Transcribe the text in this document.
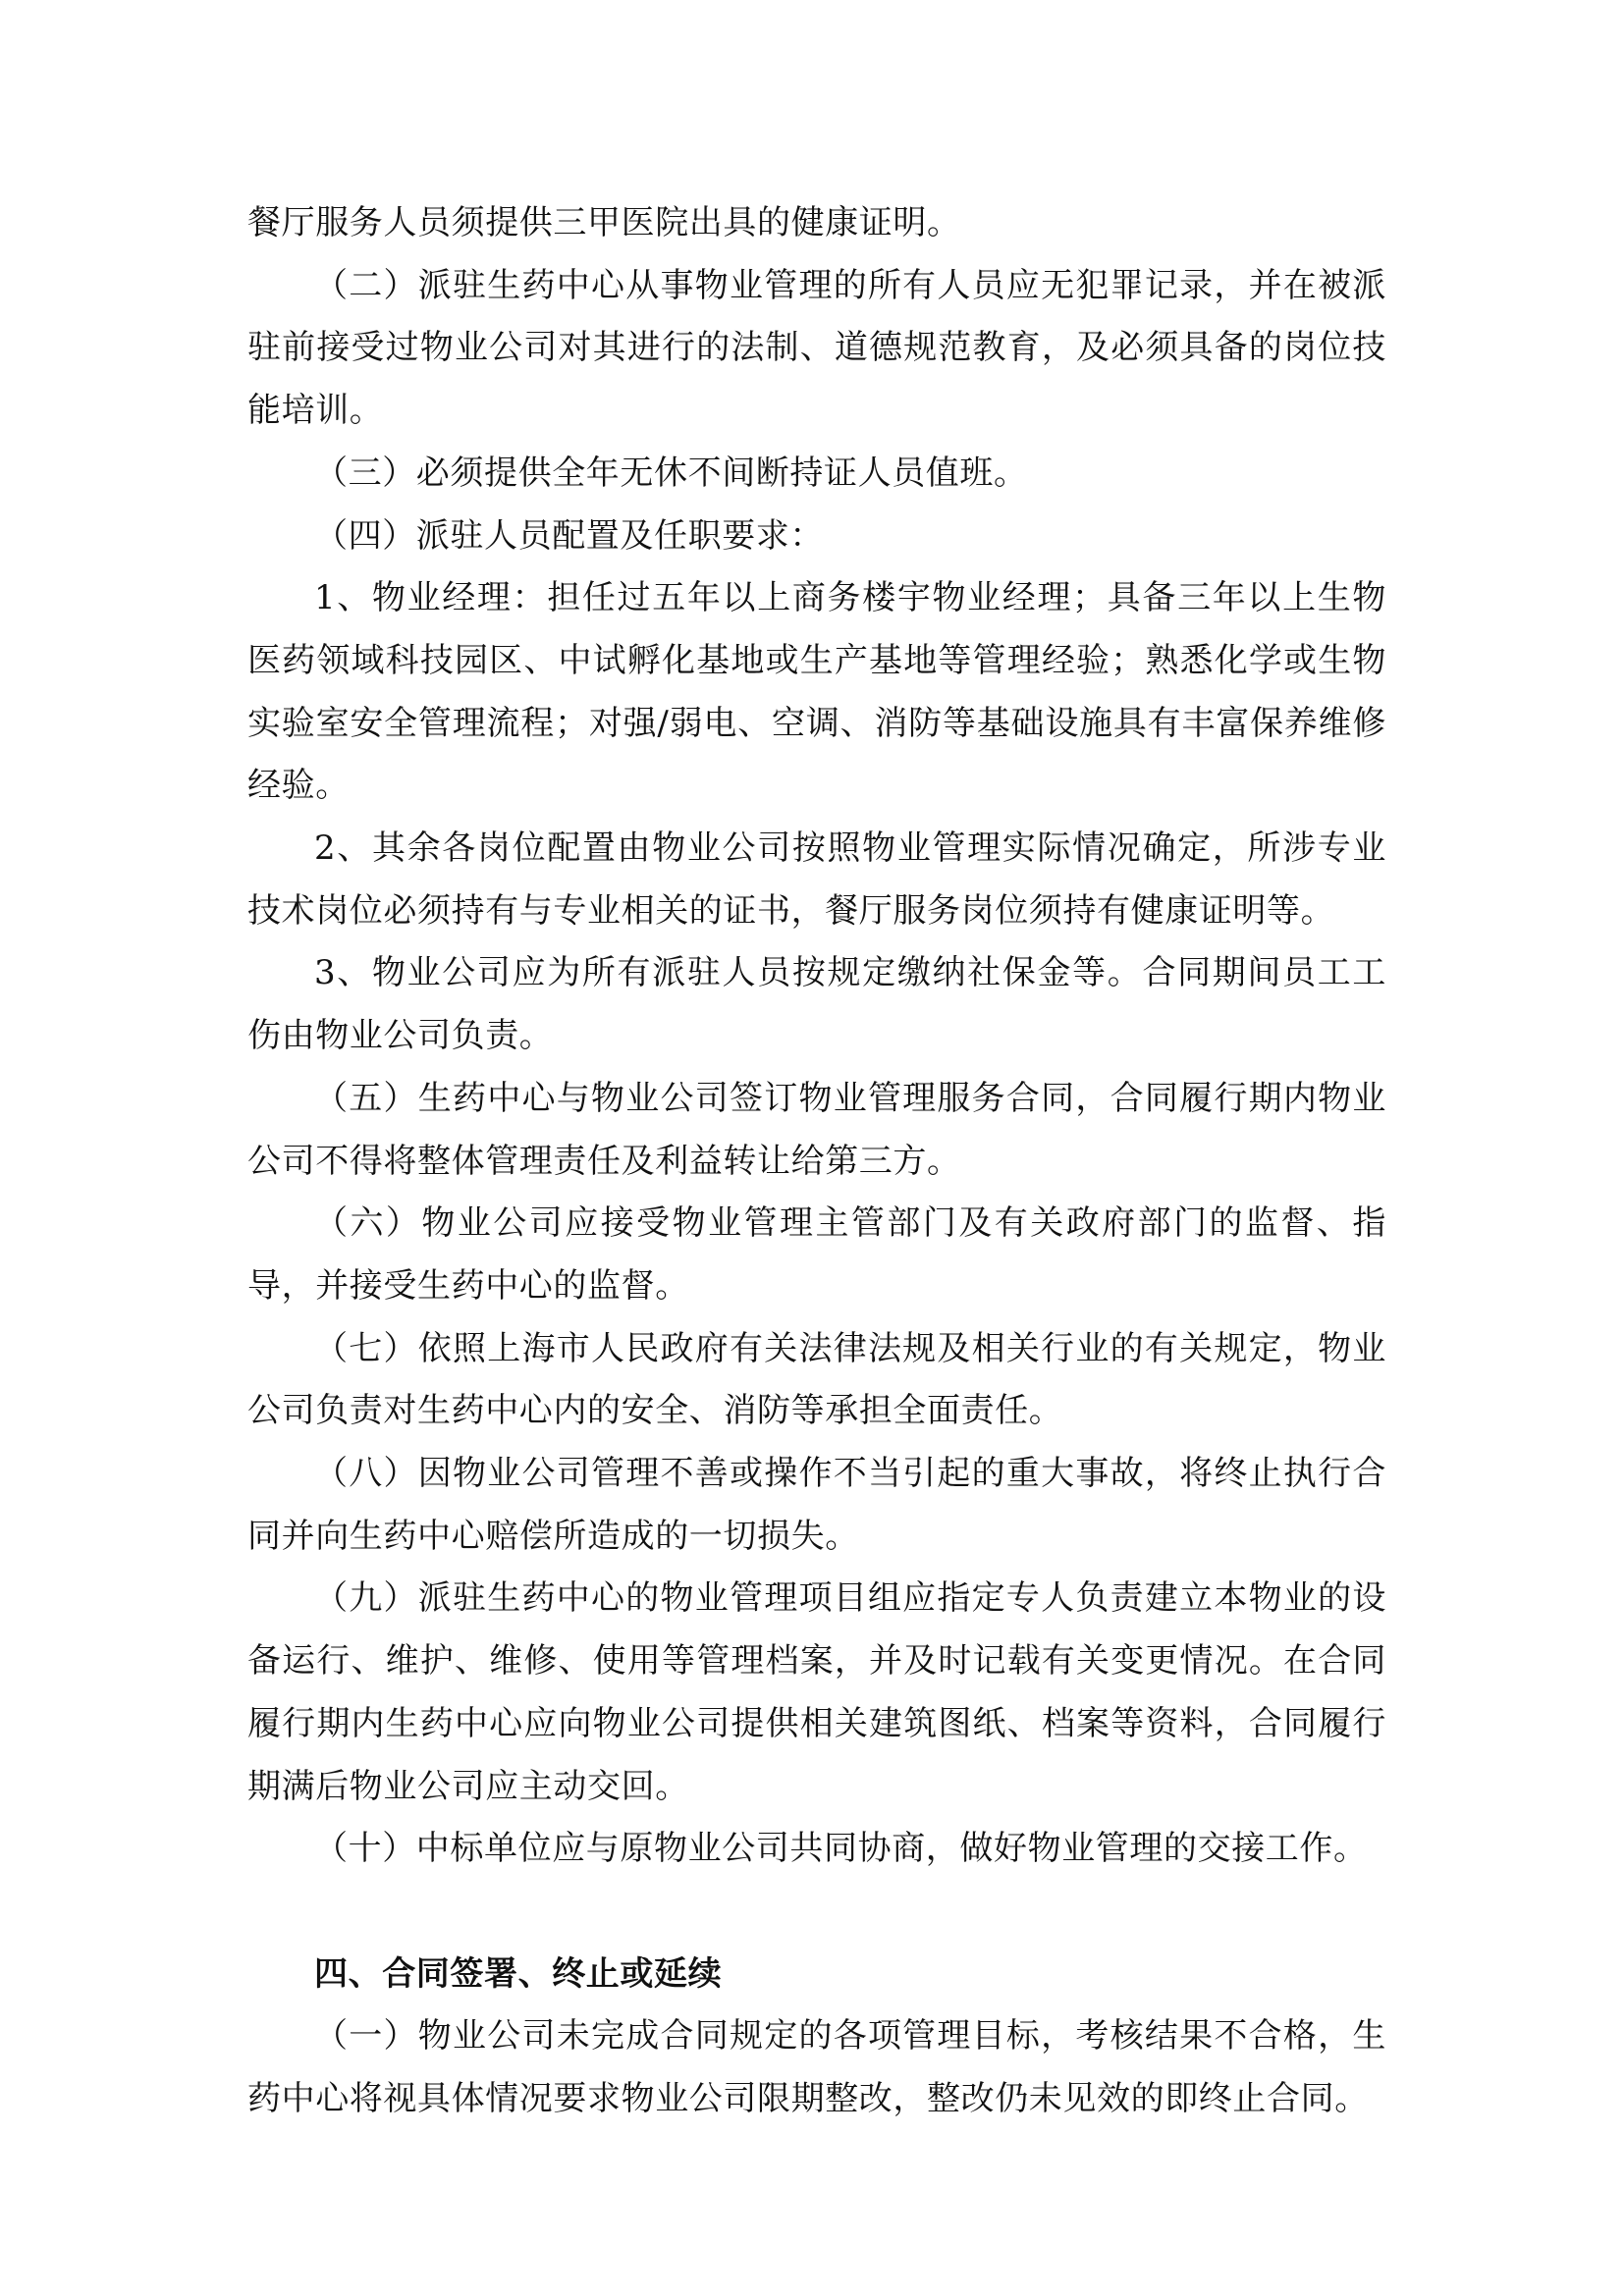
餐厅服务人员须提供三甲医院出具的健康证明。

（二）派驻生药中心从事物业管理的所有人员应无犯罪记录，并在被派驻前接受过物业公司对其进行的法制、道德规范教育，及必须具备的岗位技能培训。

（三）必须提供全年无休不间断持证人员值班。

（四）派驻人员配置及任职要求：

1、物业经理：担任过五年以上商务楼宇物业经理；具备三年以上生物医药领域科技园区、中试孵化基地或生产基地等管理经验；熟悉化学或生物实验室安全管理流程；对强/弱电、空调、消防等基础设施具有丰富保养维修经验。

2、其余各岗位配置由物业公司按照物业管理实际情况确定，所涉专业技术岗位必须持有与专业相关的证书，餐厅服务岗位须持有健康证明等。

3、物业公司应为所有派驻人员按规定缴纳社保金等。合同期间员工工伤由物业公司负责。

（五）生药中心与物业公司签订物业管理服务合同，合同履行期内物业公司不得将整体管理责任及利益转让给第三方。

（六）物业公司应接受物业管理主管部门及有关政府部门的监督、指导，并接受生药中心的监督。

（七）依照上海市人民政府有关法律法规及相关行业的有关规定，物业公司负责对生药中心内的安全、消防等承担全面责任。

（八）因物业公司管理不善或操作不当引起的重大事故，将终止执行合同并向生药中心赔偿所造成的一切损失。

（九）派驻生药中心的物业管理项目组应指定专人负责建立本物业的设备运行、维护、维修、使用等管理档案，并及时记载有关变更情况。在合同履行期内生药中心应向物业公司提供相关建筑图纸、档案等资料，合同履行期满后物业公司应主动交回。

（十）中标单位应与原物业公司共同协商，做好物业管理的交接工作。

四、合同签署、终止或延续

（一）物业公司未完成合同规定的各项管理目标，考核结果不合格，生药中心将视具体情况要求物业公司限期整改，整改仍未见效的即终止合同。
